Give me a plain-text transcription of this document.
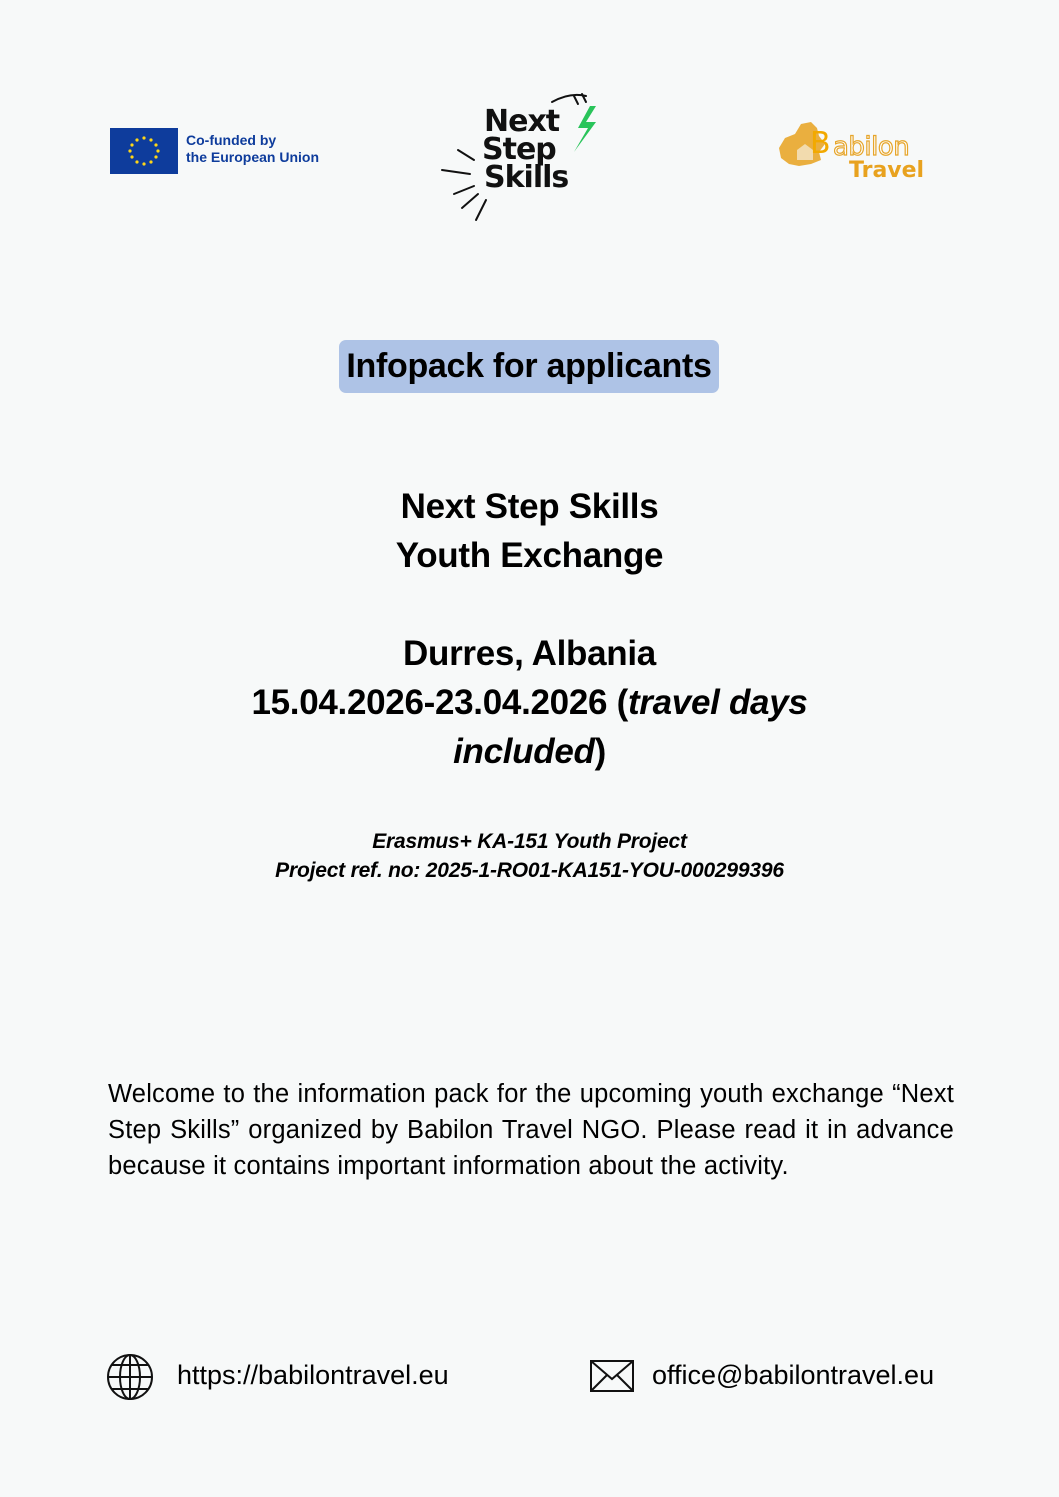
Co-funded by
the European Union
Next
Step
Skills
B abilon
Travel
Infopack for applicants
Next Step Skills
Youth Exchange
Durres, Albania
15.04.2026-23.04.2026 (travel days
included)
Erasmus+ KA-151 Youth Project
Project ref. no: 2025-1-RO01-KA151-YOU-000299396
Welcome to the information pack for the upcoming youth exchange “Next Step Skills” organized by Babilon Travel NGO. Please read it in advance because it contains important information about the activity.
https://babilontravel.eu	office@babilontravel.eu
